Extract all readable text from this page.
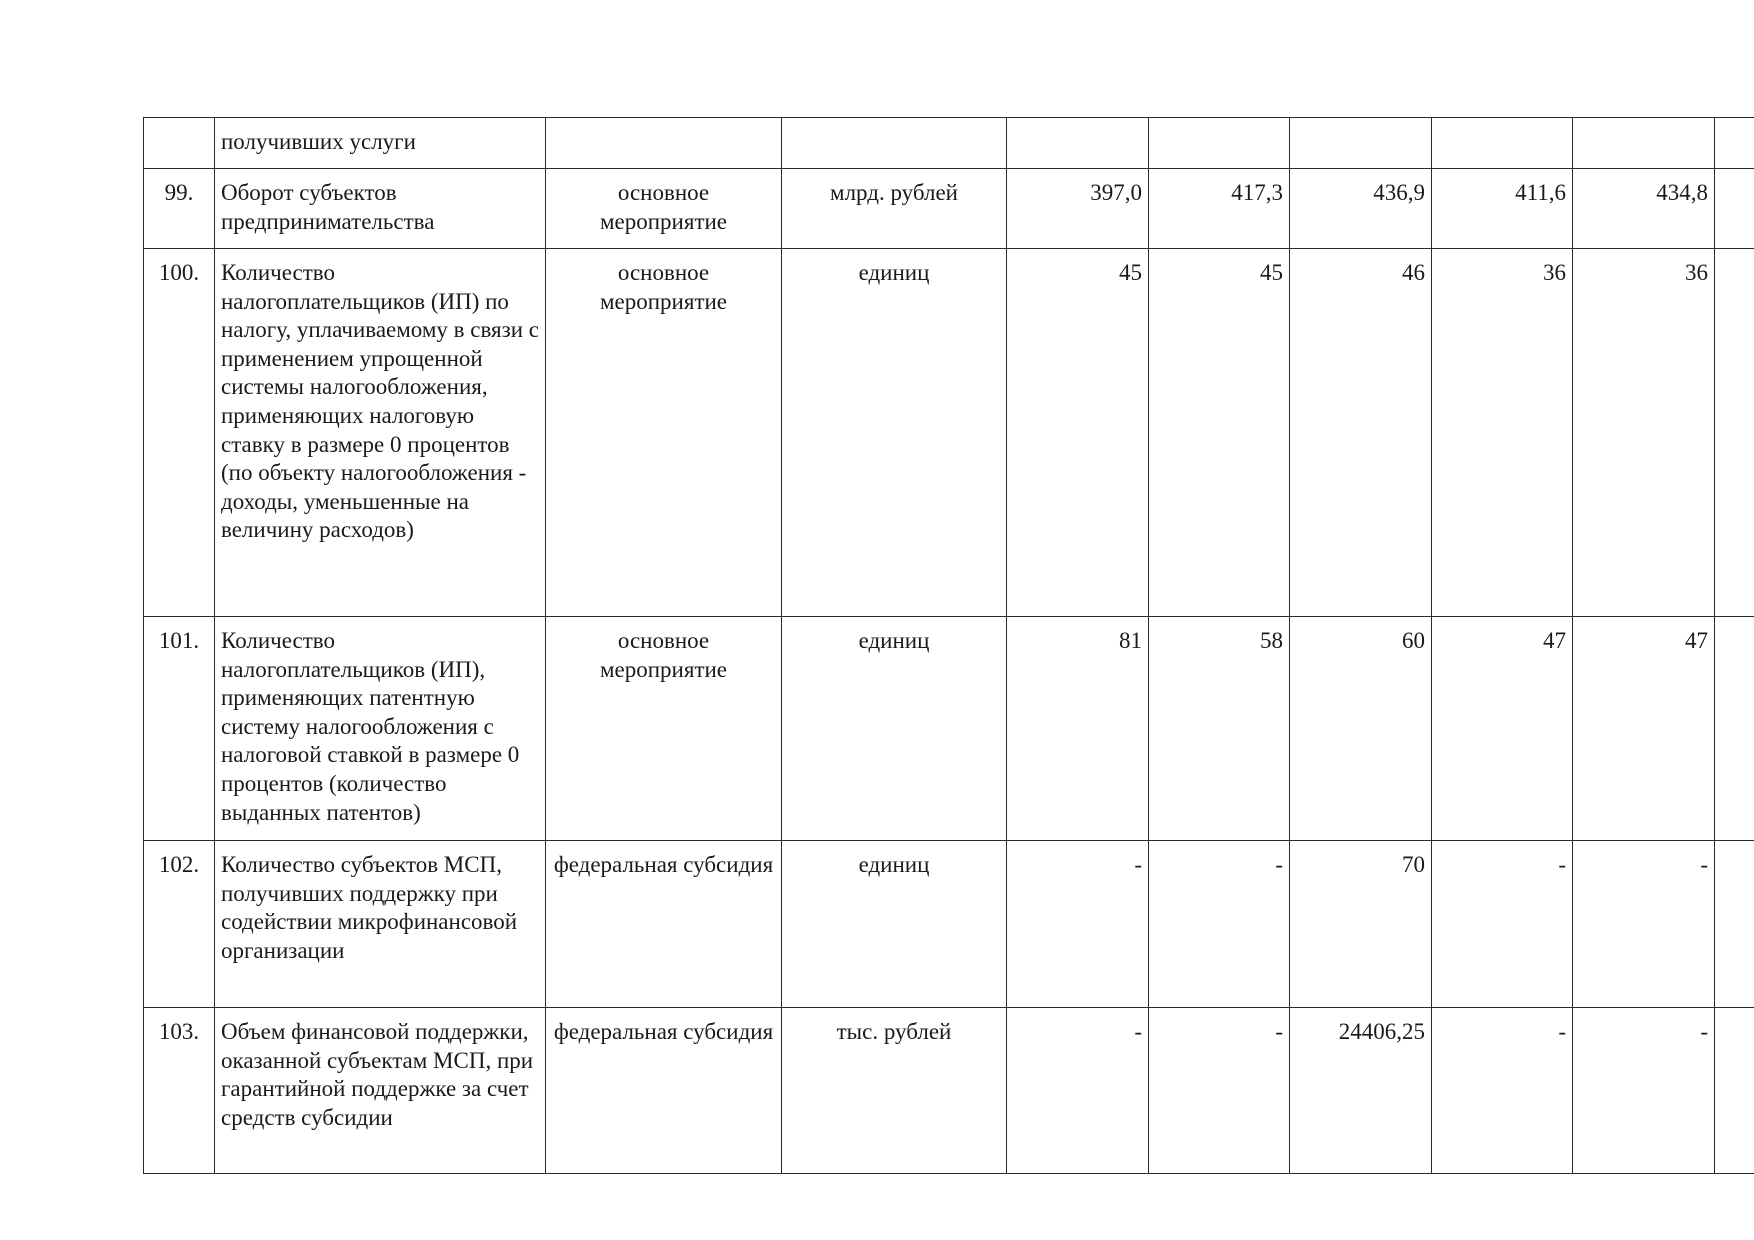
	получивших услуги								
99.	Оборот субъектов предпринимательства	основное мероприятие	млрд. рублей	397,0	417,3	436,9	411,6	434,8	
100.	Количество налогоплательщиков (ИП) по налогу, уплачиваемому в связи с применением упрощенной системы налогообложения, применяющих налоговую ставку в размере 0 процентов (по объекту налогообложения - доходы, уменьшенные на величину расходов)	основное мероприятие	единиц	45	45	46	36	36	
101.	Количество налогоплательщиков (ИП), применяющих патентную систему налогообложения с налоговой ставкой в размере 0 процентов (количество выданных патентов)	основное мероприятие	единиц	81	58	60	47	47	
102.	Количество субъектов МСП, получивших поддержку при содействии микрофинансовой организации	федеральная субсидия	единиц	-	-	70	-	-	
103.	Объем финансовой поддержки, оказанной субъектам МСП, при гарантийной поддержке за счет средств субсидии	федеральная субсидия	тыс. рублей	-	-	24406,25	-	-	
